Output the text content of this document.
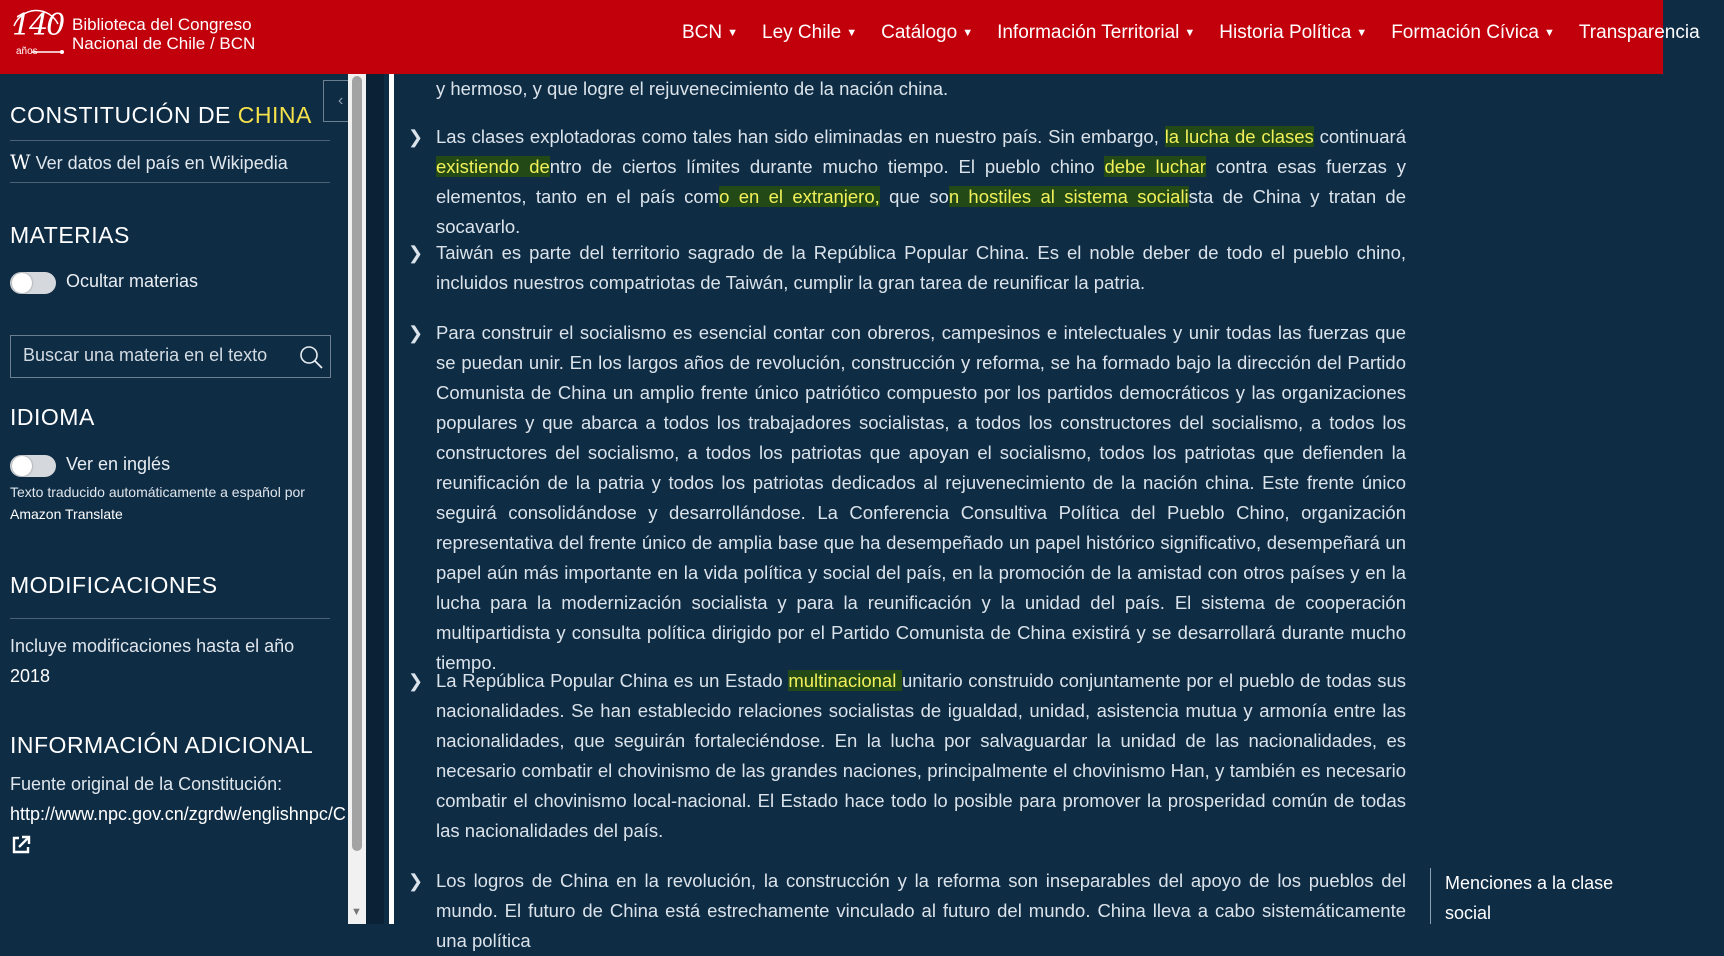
140
años
Biblioteca del Congreso
Nacional de Chile / BCN
BCN ▼ Ley Chile ▼ Catálogo ▼ Información Territorial ▼ Historia Política ▼ Formación Cívica ▼ Transparencia
CONSTITUCIÓN DE CHINA
W Ver datos del país en Wikipedia
MATERIAS
Ocultar materias
Buscar una materia en el texto
IDIOMA
Ver en inglés
Texto traducido automáticamente a español por
Amazon Translate
MODIFICACIONES
Incluye modificaciones hasta el año
2018
INFORMACIÓN ADICIONAL
Fuente original de la Constitución:
http://www.npc.gov.cn/zgrdw/englishnpc/C
‹
▼
y hermoso, y que logre el rejuvenecimiento de la nación china.
❯ Las clases explotadoras como tales han sido eliminadas en nuestro país. Sin embargo, la lucha de clases continuará existiendo dentro de ciertos límites durante mucho tiempo. El pueblo chino debe luchar contra esas fuerzas y elementos, tanto en el país como en el extranjero, que son hostiles al sistema socialista de China y tratan de socavarlo.
❯ Taiwán es parte del territorio sagrado de la República Popular China. Es el noble deber de todo el pueblo chino, incluidos nuestros compatriotas de Taiwán, cumplir la gran tarea de reunificar la patria.
❯ Para construir el socialismo es esencial contar con obreros, campesinos e intelectuales y unir todas las fuerzas que se puedan unir. En los largos años de revolución, construcción y reforma, se ha formado bajo la dirección del Partido Comunista de China un amplio frente único patriótico compuesto por los partidos democráticos y las organizaciones populares y que abarca a todos los trabajadores socialistas, a todos los constructores del socialismo, a todos los constructores del socialismo, a todos los patriotas que apoyan el socialismo, todos los patriotas que defienden la reunificación de la patria y todos los patriotas dedicados al rejuvenecimiento de la nación china. Este frente único seguirá consolidándose y desarrollándose. La Conferencia Consultiva Política del Pueblo Chino, organización representativa del frente único de amplia base que ha desempeñado un papel histórico significativo, desempeñará un papel aún más importante en la vida política y social del país, en la promoción de la amistad con otros países y en la lucha para la modernización socialista y para la reunificación y la unidad del país. El sistema de cooperación multipartidista y consulta política dirigido por el Partido Comunista de China existirá y se desarrollará durante mucho tiempo.
❯ La República Popular China es un Estado multinacional unitario construido conjuntamente por el pueblo de todas sus nacionalidades. Se han establecido relaciones socialistas de igualdad, unidad, asistencia mutua y armonía entre las nacionalidades, que seguirán fortaleciéndose. En la lucha por salvaguardar la unidad de las nacionalidades, es necesario combatir el chovinismo de las grandes naciones, principalmente el chovinismo Han, y también es necesario combatir el chovinismo local-nacional. El Estado hace todo lo posible para promover la prosperidad común de todas las nacionalidades del país.
❯ Los logros de China en la revolución, la construcción y la reforma son inseparables del apoyo de los pueblos del mundo. El futuro de China está estrechamente vinculado al futuro del mundo. China lleva a cabo sistemáticamente una política
Menciones a la clase social
